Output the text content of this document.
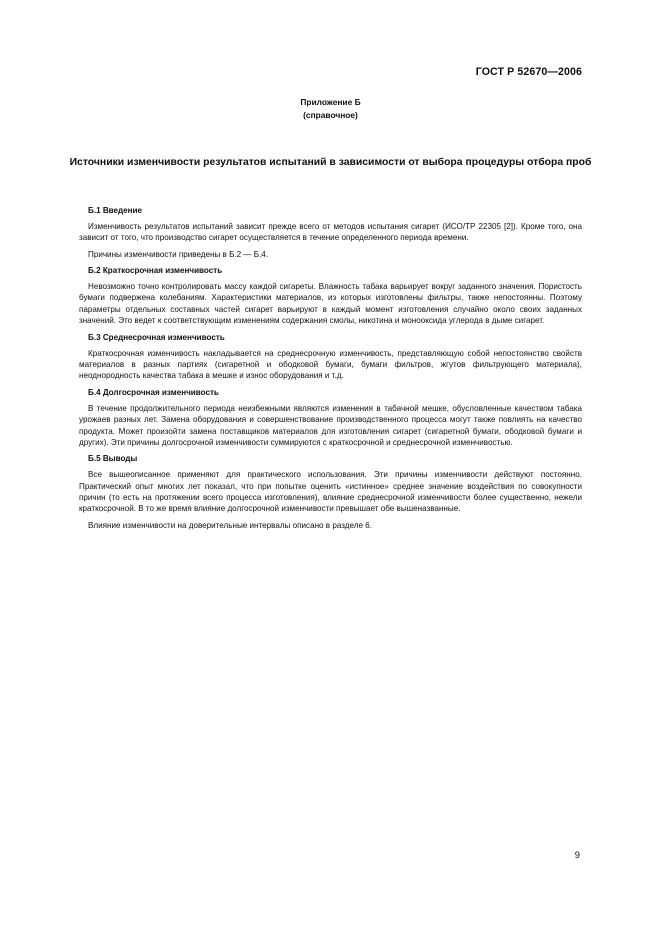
ГОСТ Р 52670—2006
Приложение Б
(справочное)
Источники изменчивости результатов испытаний в зависимости от выбора процедуры отбора проб
Б.1 Введение

Изменчивость результатов испытаний зависит прежде всего от методов испытания сигарет (ИСО/ТР 22305 [2]). Кроме того, она зависит от того, что производство сигарет осуществляется в течение определенного периода времени.

Причины изменчивости приведены в Б.2 — Б.4.

Б.2 Краткосрочная изменчивость

Невозможно точно контролировать массу каждой сигареты. Влажность табака варьирует вокруг заданного значения. Пористость бумаги подвержена колебаниям. Характеристики материалов, из которых изготовлены фильтры, также непостоянны. Поэтому параметры отдельных составных частей сигарет варьируют в каждый момент изготовления случайно около своих заданных значений. Это ведет к соответствующим изменениям содержания смолы, никотина и монооксида углерода в дыме сигарет.

Б.3 Среднесрочная изменчивость

Краткосрочная изменчивость накладывается на среднесрочную изменчивость, представляющую собой непостоянство свойств материалов в разных партиях (сигаретной и ободковой бумаги, бумаги фильтров, жгутов фильтрующего материала), неоднородность качества табака в мешке и износ оборудования и т.д.

Б.4 Долгосрочная изменчивость

В течение продолжительного периода неизбежными являются изменения в табачной мешке, обусловленные качеством табака урожаев разных лет. Замена оборудования и совершенствование производственного процесса могут также повлиять на качество продукта. Может произойти замена поставщиков материалов для изготовления сигарет (сигаретной бумаги, ободковой бумаги и других). Эти причины долгосрочной изменчивости суммируются с краткосрочной и среднесрочной изменчивостью.

Б.5 Выводы

Все вышеописанное применяют для практического использования. Эти причины изменчивости действуют постоянно. Практический опыт многих лет показал, что при попытке оценить «истинное» среднее значение воздействия по совокупности причин (то есть на протяжении всего процесса изготовления), влияние среднесрочной изменчивости более существенно, нежели краткосрочной. В то же время влияние долгосрочной изменчивости превышает обе вышеназванные.

Влияние изменчивости на доверительные интервалы описано в разделе 6.

9
